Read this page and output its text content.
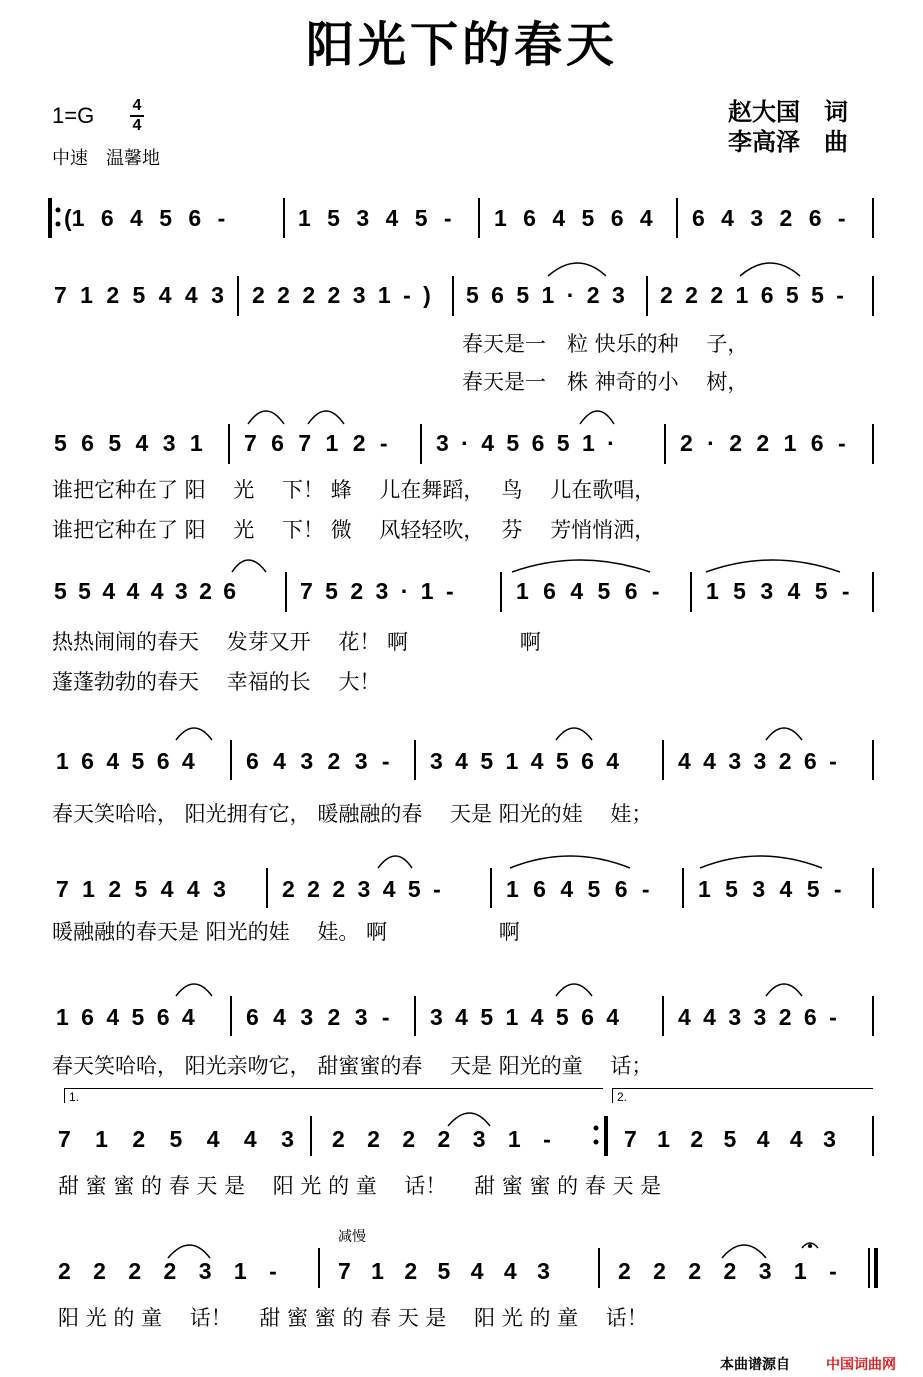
阳光下的春天
1=G 4
4
中速　温馨地
赵大国　词
李高泽　曲
(1 6 4 5 6 -	1 5 3 4 5 - 1 6 4 5 6 4 6 4 3 2 6 -
7 1 2 5 4 4 3 2 2 2 2 3 1 - ) 5 6 5 1 · 2 3 2 2 2 1 6 5 5 -
春天是一　粒 快乐的种　 子，
春天是一　株 神奇的小　 树，
5 6 5 4 3 1 7 6 7 1 2 - 3 · 4 5 6 5 1 ·	2 · 2 2 1 6 -
谁把它种在了 阳　 光　 下！ 蜂　 儿在舞蹈，　 鸟　 儿在歌唱，
谁把它种在了 阳　 光　 下！ 微　 风轻轻吹，　 芬　 芳悄悄洒，
5 5 4 4 4 3 2 6	7 5 2 3 · 1 -	1 6 4 5 6 - 1 5 3 4 5 -
热热闹闹的春天　 发芽又开　 花！ 啊　　　　　 啊
蓬蓬勃勃的春天　 幸福的长　 大！
1 6 4 5 6 4 6 4 3 2 3 - 3 4 5 1 4 5 6 4	4 4 3 3 2 6 -
春天笑哈哈， 阳光拥有它， 暖融融的春　 天是 阳光的娃　 娃；
7 1 2 5 4 4 3 2 2 2 3 4 5 -	1 6 4 5 6 - 1 5 3 4 5 -
暖融融的春天是 阳光的娃　 娃。 啊　　　　　 啊
1 6 4 5 6 4 6 4 3 2 3 - 3 4 5 1 4 5 6 4	4 4 3 3 2 6 -
春天笑哈哈， 阳光亲吻它， 甜蜜蜜的春　 天是 阳光的童　 话；
1.	2.
7 1 2 5 4 4 3 2 2 2 2 3 1 -	7 1 2 5 4 4 3
甜 蜜 蜜 的 春 天 是　 阳 光 的 童　 话！　 甜 蜜 蜜 的 春 天 是
减慢
2 2 2 2 3 1 -	7 1 2 5 4 4 3	2 2 2 2 3 1 -
阳 光 的 童　 话！　 甜 蜜 蜜 的 春 天 是　 阳 光 的 童　 话！
本曲谱源自	中国词曲网
